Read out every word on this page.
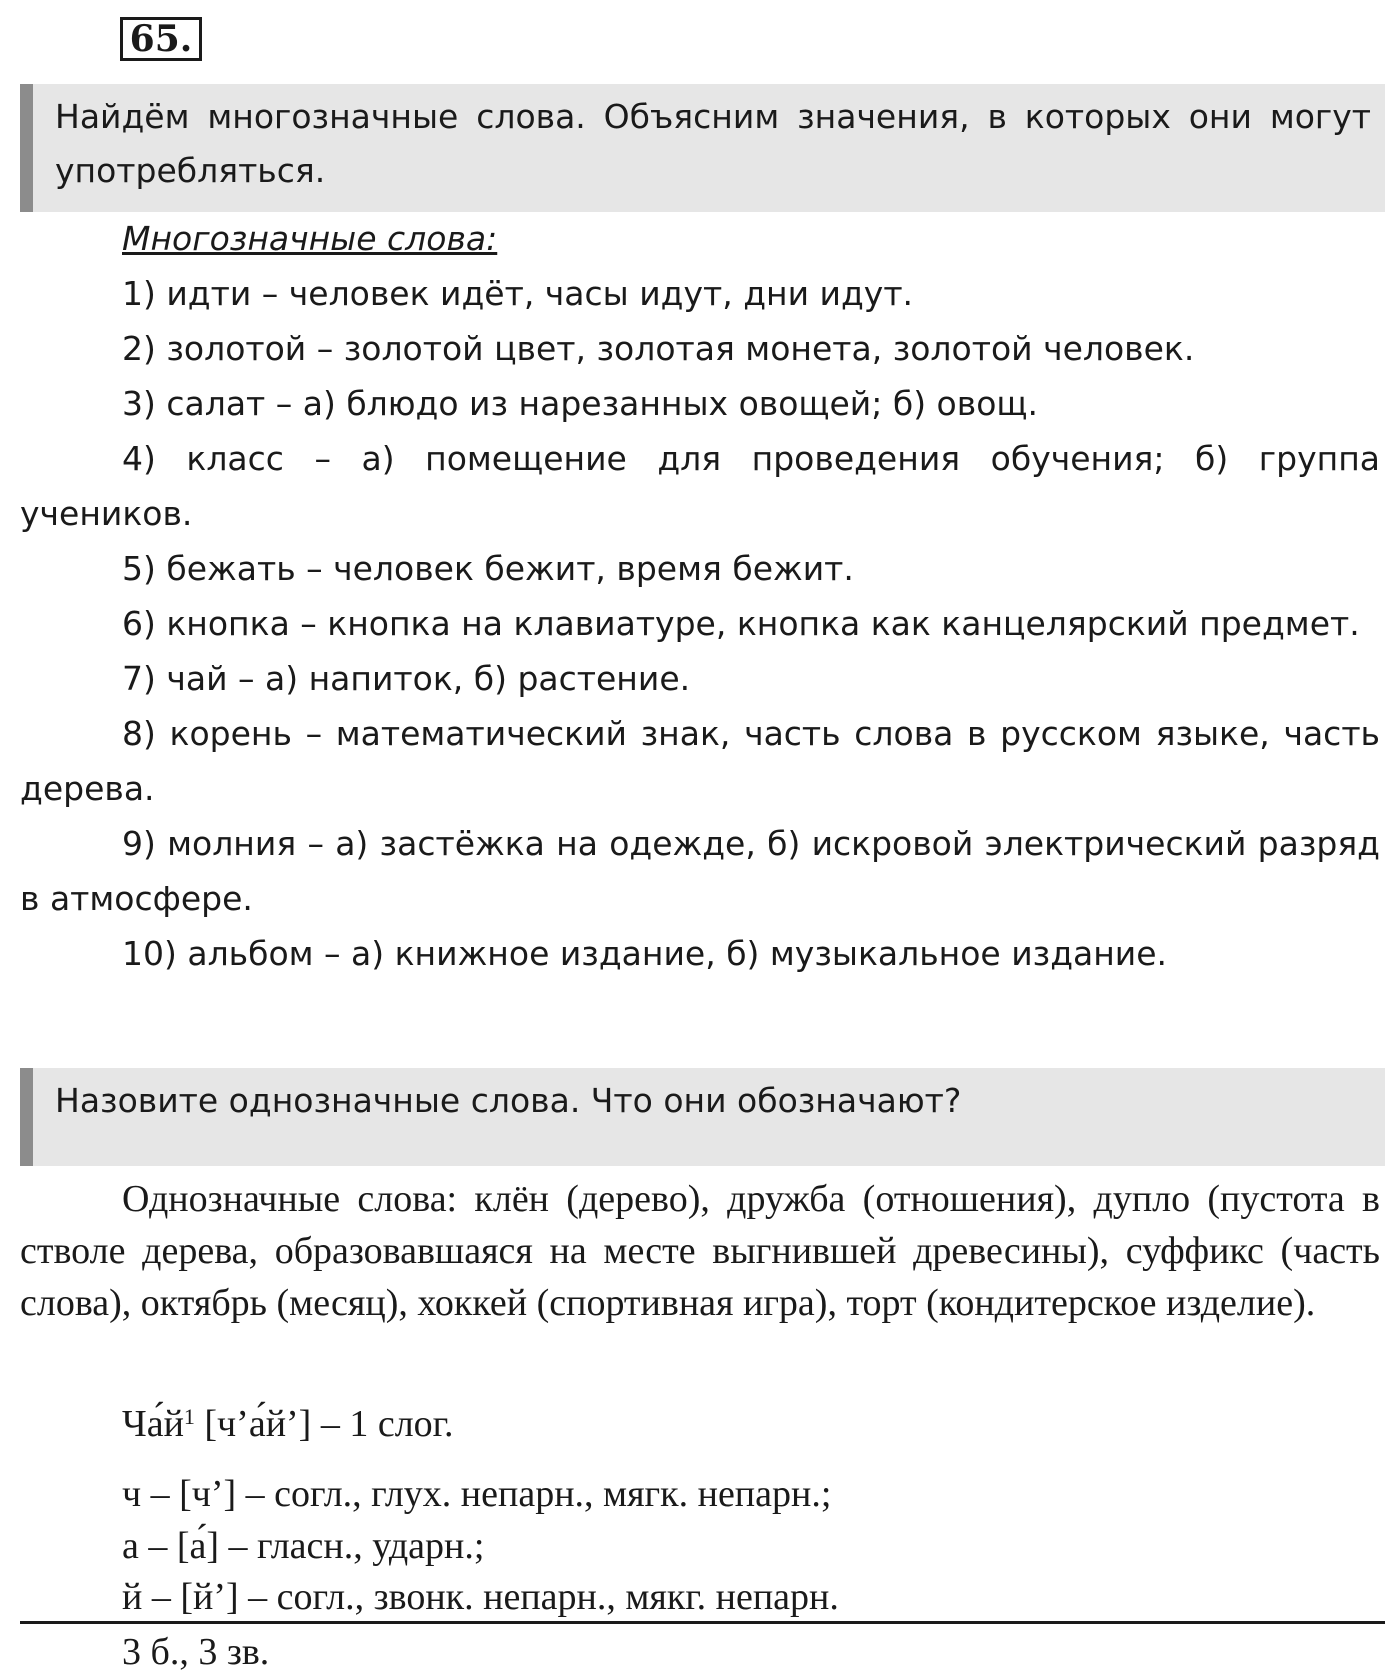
65.
Найдём многозначные слова. Объясним значения, в которых они могут употребляться.
Многозначные слова:

1) идти – человек идёт, часы идут, дни идут.

2) золотой – золотой цвет, золотая монета, золотой человек.

3) салат – а) блюдо из нарезанных овощей; б) овощ.

4) класс – а) помещение для проведения обучения; б) группа учеников.

5) бежать – человек бежит, время бежит.

6) кнопка – кнопка на клавиатуре, кнопка как канцелярский предмет.

7) чай – а) напиток, б) растение.

8) корень – математический знак, часть слова в русском языке, часть дерева.

9) молния – а) застёжка на одежде, б) искровой электрический разряд в атмосфере.

10) альбом – а) книжное издание, б) музыкальное издание.

Назовите однозначные слова. Что они обозначают?

Однозначные слова: клён (дерево), дружба (отношения), дупло (пустота в стволе дерева, образовавшаяся на месте выгнившей древесины), суффикс (часть слова), октябрь (месяц), хоккей (спортивная игра), торт (кондитерское изделие).

$Ча́й^1$ [ч’а́й’] – 1 слог.
ч – [ч’] – согл., глух. непарн., мягк. непарн.;
а – [а́] – гласн., ударн.;
й – [й’] – согл., звонк. непарн., мякг. непарн.
3 б., 3 зв.
